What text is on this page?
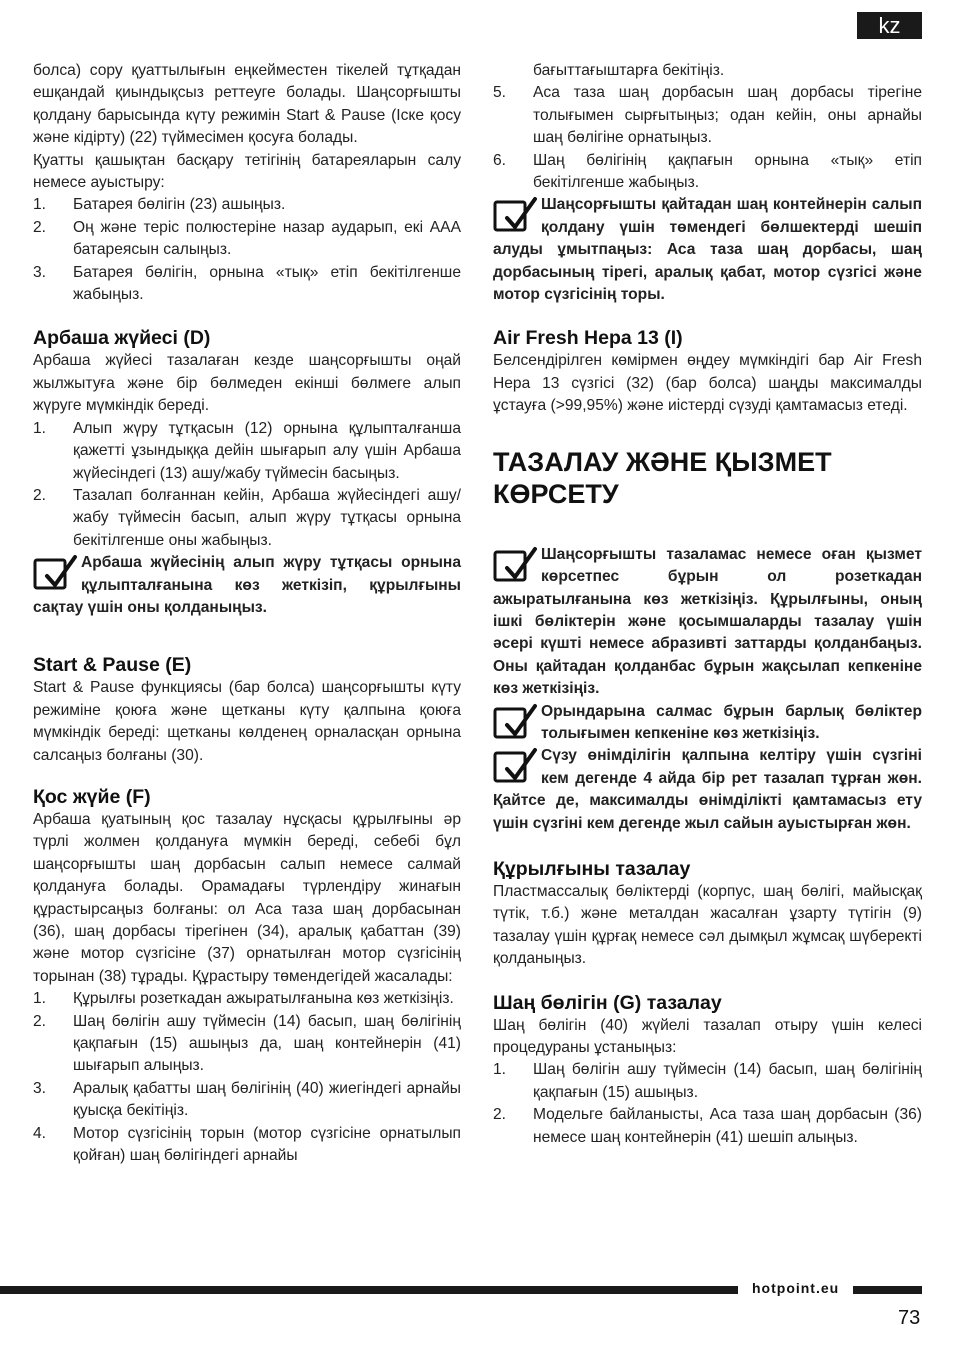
kz

болса) сору қуаттылығын еңкейместен тікелей тұтқадан ешқандай қиындықсыз реттеуге болады. Шаңсорғышты қолдану барысында күту режимін Start & Pause (Іске қосу және кідірту) (22) түймесімен қосуға болады.

Қуатты қашықтан басқару тетігінің батареяларын салу немесе ауыстыру:

1.	Батарея бөлігін (23) ашыңыз.
2.	Оң және теріс полюстеріне назар аударып, екі AAA батареясын салыңыз.
3.	Батарея бөлігін, орнына «тық» етіп бекітілгенше жабыңыз.
Арбаша жүйесі (D)

Арбаша жүйесі тазалаған кезде шаңсорғышты оңай жылжытуға және бір бөлмеден екінші бөлмеге алып жүруге мүмкіндік береді.

1.	Алып жүру тұтқасын (12) орнына құлыпталғанша қажетті ұзындыққа дейін шығарып алу үшін Арбаша жүйесіндегі (13) ашу/жабу түймесін басыңыз.
2.	Тазалап болғаннан кейін, Арбаша жүйесіндегі ашу/жабу түймесін басып, алып жүру тұтқасы орнына бекітілгенше оны жабыңыз.
Арбаша жүйесінің алып жүру тұтқасы орнына құлыпталғанына көз жеткізіп, құрылғыны сақтау үшін оны қолданыңыз.
Start & Pause (E)

Start & Pause функциясы (бар болса) шаңсорғышты күту режиміне қоюға және щетканы күту қалпына қоюға мүмкіндік береді: щетканы көлденең орналасқан орнына салсаңыз болғаны (30).

Қос жүйе (F)

Арбаша қуатының қос тазалау нұсқасы құрылғыны әр түрлі жолмен қолдануға мүмкін береді, себебі бұл шаңсорғышты шаң дорбасын салып немесе салмай қолдануға болады. Орамадағы түрлендіру жинағын құрастырсаңыз болғаны: ол Аса таза шаң дорбасынан (36), шаң дорбасы тірегінен (34), аралық қабаттан (39) және мотор сүзгісіне (37) орнатылған мотор сүзгісінің торынан (38) тұрады. Құрастыру төмендегідей жасалады:

1.	Құрылғы розеткадан ажыратылғанына көз жеткізіңіз.
2.	Шаң бөлігін ашу түймесін (14) басып, шаң бөлігінің қақпағын (15) ашыңыз да, шаң контейнерін (41) шығарып алыңыз.
3.	Аралық қабатты шаң бөлігінің (40) жиегіндегі арнайы қуысқа бекітіңіз.
4.	Мотор сүзгісінің торын (мотор сүзгісіне орнатылып қойған) шаң бөлігіндегі арнайы
бағыттағыштарға бекітіңіз.
5.	Аса таза шаң дорбасын шаң дорбасы тірегіне толығымен сырғытыңыз; одан кейін, оны арнайы шаң бөлігіне орнатыңыз.
6.	Шаң бөлігінің қақпағын орнына «тық» етіп бекітілгенше жабыңыз.
Шаңсорғышты қайтадан шаң контейнерін салып қолдану үшін төмендегі бөлшектерді шешіп алуды ұмытпаңыз: Аса таза шаң дорбасы, шаң дорбасының тірегі, аралық қабат, мотор сүзгісі және мотор сүзгісінің торы.
Air Fresh Hepa 13 (I)

Белсендірілген көмірмен өңдеу мүмкіндігі бар Air Fresh Hepa 13 сүзгісі (32) (бар болса) шаңды максималды ұстауға (>99,95%) және иістерді сүзуді қамтамасыз етеді.

ТАЗАЛАУ ЖӘНЕ ҚЫЗМЕТ КӨРСЕТУ
Шаңсорғышты тазаламас немесе оған қызмет көрсетпес бұрын ол розеткадан ажыратылғанына көз жеткізіңіз. Құрылғыны, оның ішкі бөліктерін және қосымшаларды тазалау үшін әсері күшті немесе абразивті заттарды қолданбаңыз. Оны қайтадан қолданбас бұрын жақсылап кепкеніне көз жеткізіңіз.
Орындарына салмас бұрын барлық бөліктер толығымен кепкеніне көз жеткізіңіз.
Сүзу өнімділігін қалпына келтіру үшін сүзгіні кем дегенде 4 айда бір рет тазалап тұрған жөн. Қайтсе де, максималды өнімділікті қамтамасыз ету үшін сүзгіні кем дегенде жыл сайын ауыстырған жөн.
Құрылғыны тазалау

Пластмассалық бөліктерді (корпус, шаң бөлігі, майысқақ түтік, т.б.) және металдан жасалған ұзарту түтігін (9) тазалау үшін құрғақ немесе сәл дымқыл жұмсақ шүберекті қолданыңыз.

Шаң бөлігін (G) тазалау

Шаң бөлігін (40) жүйелі тазалап отыру үшін келесі процедураны ұстаныңыз:

1.	Шаң бөлігін ашу түймесін (14) басып, шаң бөлігінің қақпағын (15) ашыңыз.
2.	Модельге байланысты, Аса таза шаң дорбасын (36) немесе шаң контейнерін (41) шешіп алыңыз.
hotpoint.eu
73
